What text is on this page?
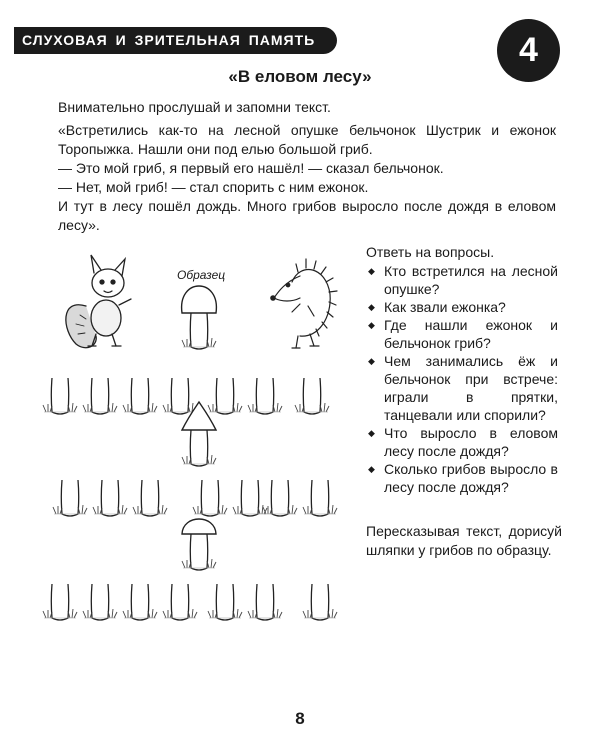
СЛУХОВАЯ И ЗРИТЕЛЬНАЯ ПАМЯТЬ	4
«В еловом лесу»

Внимательно прослушай и запомни текст.

«Встретились как-то на лесной опушке бельчонок Шустрик и ежонок Торопыжка. Нашли они под елью большой гриб.

— Это мой гриб, я первый его нашёл! — сказал бельчонок.

— Нет, мой гриб! — стал спорить с ним ежонок.

И тут в лесу пошёл дождь. Много грибов выросло после дождя в еловом лесу».

Ответь на вопросы.
◆ Кто встретился на лесной опушке?
◆ Как звали ежонка?
◆ Где нашли ежонок и бельчонок гриб?
◆ Чем занимались ёж и бельчонок при встрече: играли в прятки, танцевали или спорили?
◆ Что выросло в еловом лесу после дождя?
◆ Сколько грибов выросло в лесу после дождя?
Пересказывая текст, дорисуй шляпки у грибов по образцу.
Образец
8
